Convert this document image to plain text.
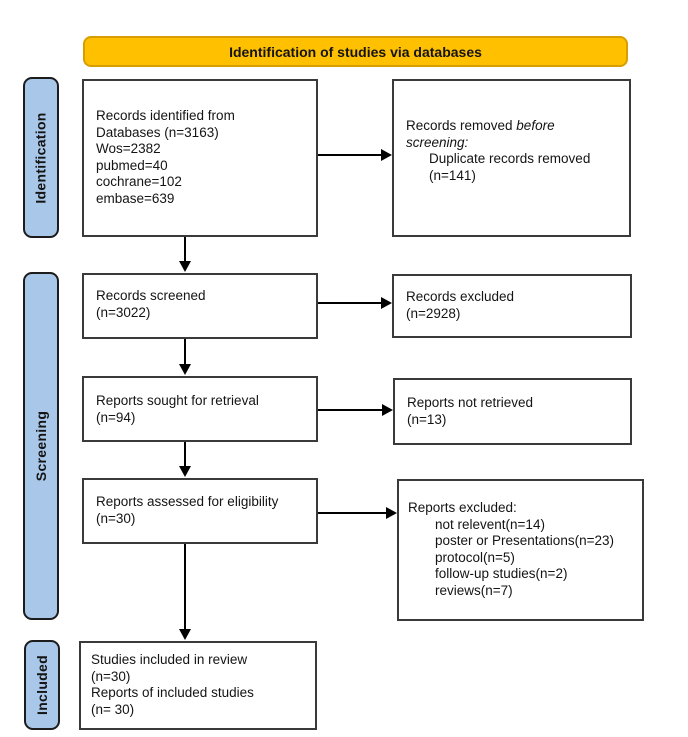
Identification of studies via databases
Identification
Screening
Included
Records identified from
Databases (n=3163)
Wos=2382
pubmed=40
cochrane=102
embase=639
Records removed before
screening:
Duplicate records removed
(n=141)
Records screened
(n=3022)
Records excluded
(n=2928)
Reports sought for retrieval
(n=94)
Reports not retrieved
(n=13)
Reports assessed for eligibility
(n=30)
Reports excluded:
not relevent(n=14)
poster or Presentations(n=23)
protocol(n=5)
follow-up studies(n=2)
reviews(n=7)
Studies included in review
(n=30)
Reports of included studies
(n= 30)
